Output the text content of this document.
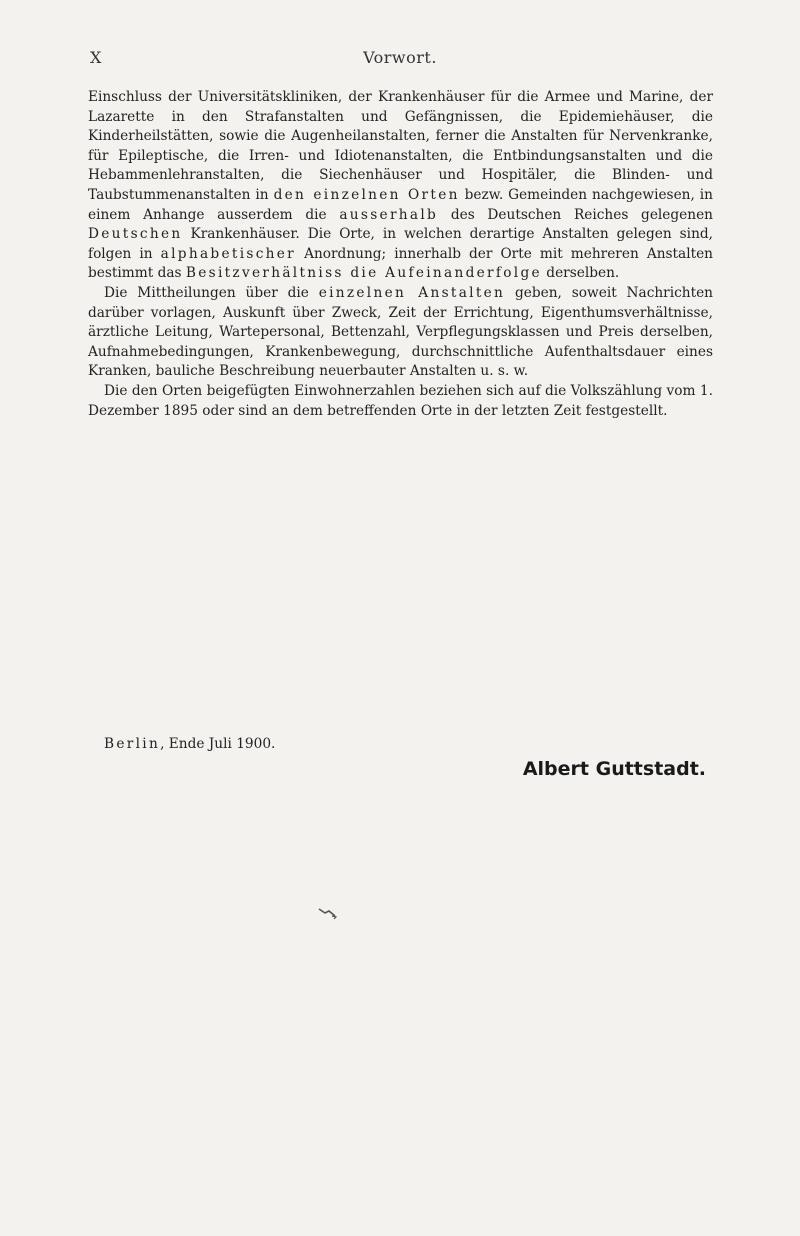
X	Vorwort.

Einschluss der Universitätskliniken, der Krankenhäuser für die Armee und Marine, der Lazarette in den Strafanstalten und Gefängnissen, die Epidemiehäuser, die Kinderheilstätten, sowie die Augenheilanstalten, ferner die Anstalten für Nervenkranke, für Epileptische, die Irren- und Idiotenanstalten, die Entbindungsanstalten und die Hebammenlehranstalten, die Siechenhäuser und Hospitäler, die Blinden- und Taubstummenanstalten in den einzelnen Orten bezw. Gemeinden nachgewiesen, in einem Anhange ausserdem die ausserhalb des Deutschen Reiches gelegenen Deutschen Krankenhäuser. Die Orte, in welchen derartige Anstalten gelegen sind, folgen in alphabetischer Anordnung; innerhalb der Orte mit mehreren Anstalten bestimmt das Besitzverhältniss die Aufeinanderfolge derselben.

Die Mittheilungen über die einzelnen Anstalten geben, soweit Nachrichten darüber vorlagen, Auskunft über Zweck, Zeit der Errichtung, Eigenthumsverhältnisse, ärztliche Leitung, Wartepersonal, Bettenzahl, Verpflegungsklassen und Preis derselben, Aufnahmebedingungen, Krankenbewegung, durchschnittliche Aufenthaltsdauer eines Kranken, bauliche Beschreibung neuerbauter Anstalten u. s. w.

Die den Orten beigefügten Einwohnerzahlen beziehen sich auf die Volkszählung vom 1. Dezember 1895 oder sind an dem betreffenden Orte in der letzten Zeit festgestellt.

Berlin, Ende Juli 1900.
Albert Guttstadt.
